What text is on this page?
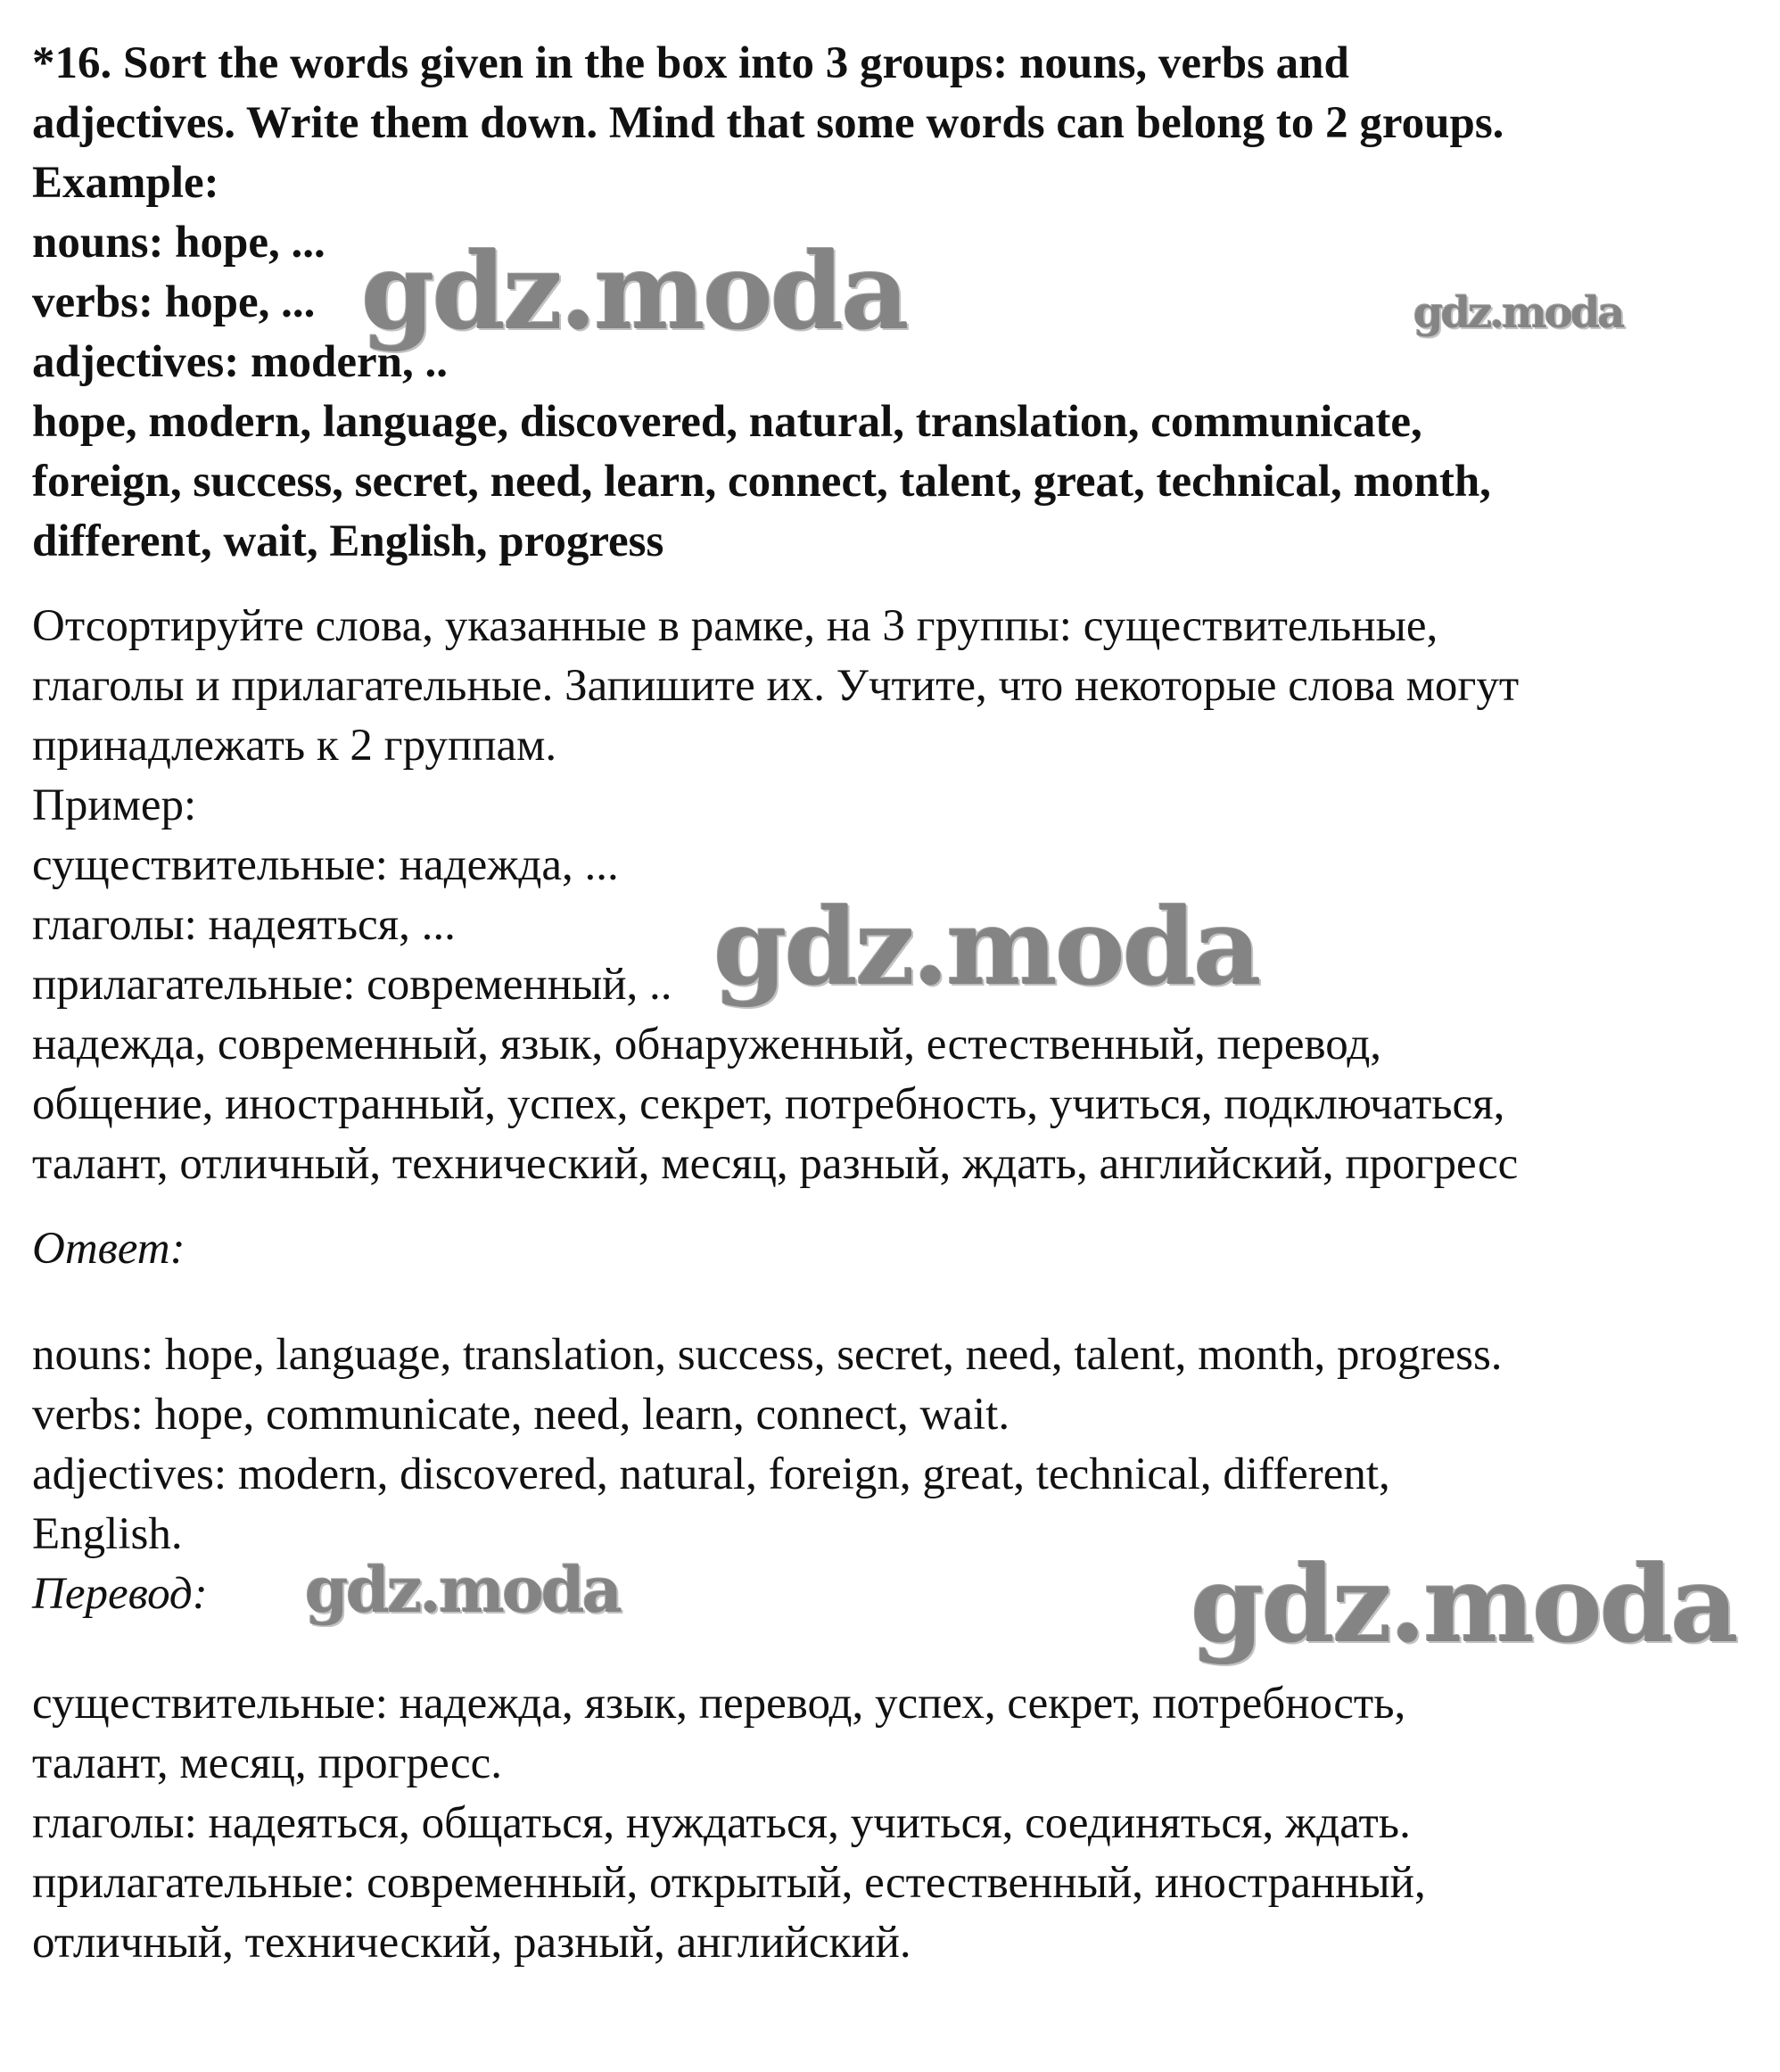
*16. Sort the words given in the box into 3 groups: nouns, verbs and
adjectives. Write them down. Mind that some words can belong to 2 groups.
Example:
nouns: hope, ...
verbs: hope, ...
adjectives: modern, ..
hope, modern, language, discovered, natural, translation, communicate,
foreign, success, secret, need, learn, connect, talent, great, technical, month,
different, wait, English, progress
Отсортируйте слова, указанные в рамке, на 3 группы: существительные,
глаголы и прилагательные. Запишите их. Учтите, что некоторые слова могут
принадлежать к 2 группам.
Пример:
существительные: надежда, ...
глаголы: надеяться, ...
прилагательные: современный, ..
надежда, современный, язык, обнаруженный, естественный, перевод,
общение, иностранный, успех, секрет, потребность, учиться, подключаться,
талант, отличный, технический, месяц, разный, ждать, английский, прогресс
Ответ:
nouns: hope, language, translation, success, secret, need, talent, month, progress.
verbs: hope, communicate, need, learn, connect, wait.
adjectives: modern, discovered, natural, foreign, great, technical, different,
English.
Перевод:
существительные: надежда, язык, перевод, успех, секрет, потребность,
талант, месяц, прогресс.
глаголы: надеяться, общаться, нуждаться, учиться, соединяться, ждать.
прилагательные: современный, открытый, естественный, иностранный,
отличный, технический, разный, английский.
gdz.moda	gdz.moda
gdz.moda
gdz.moda	gdz.moda
